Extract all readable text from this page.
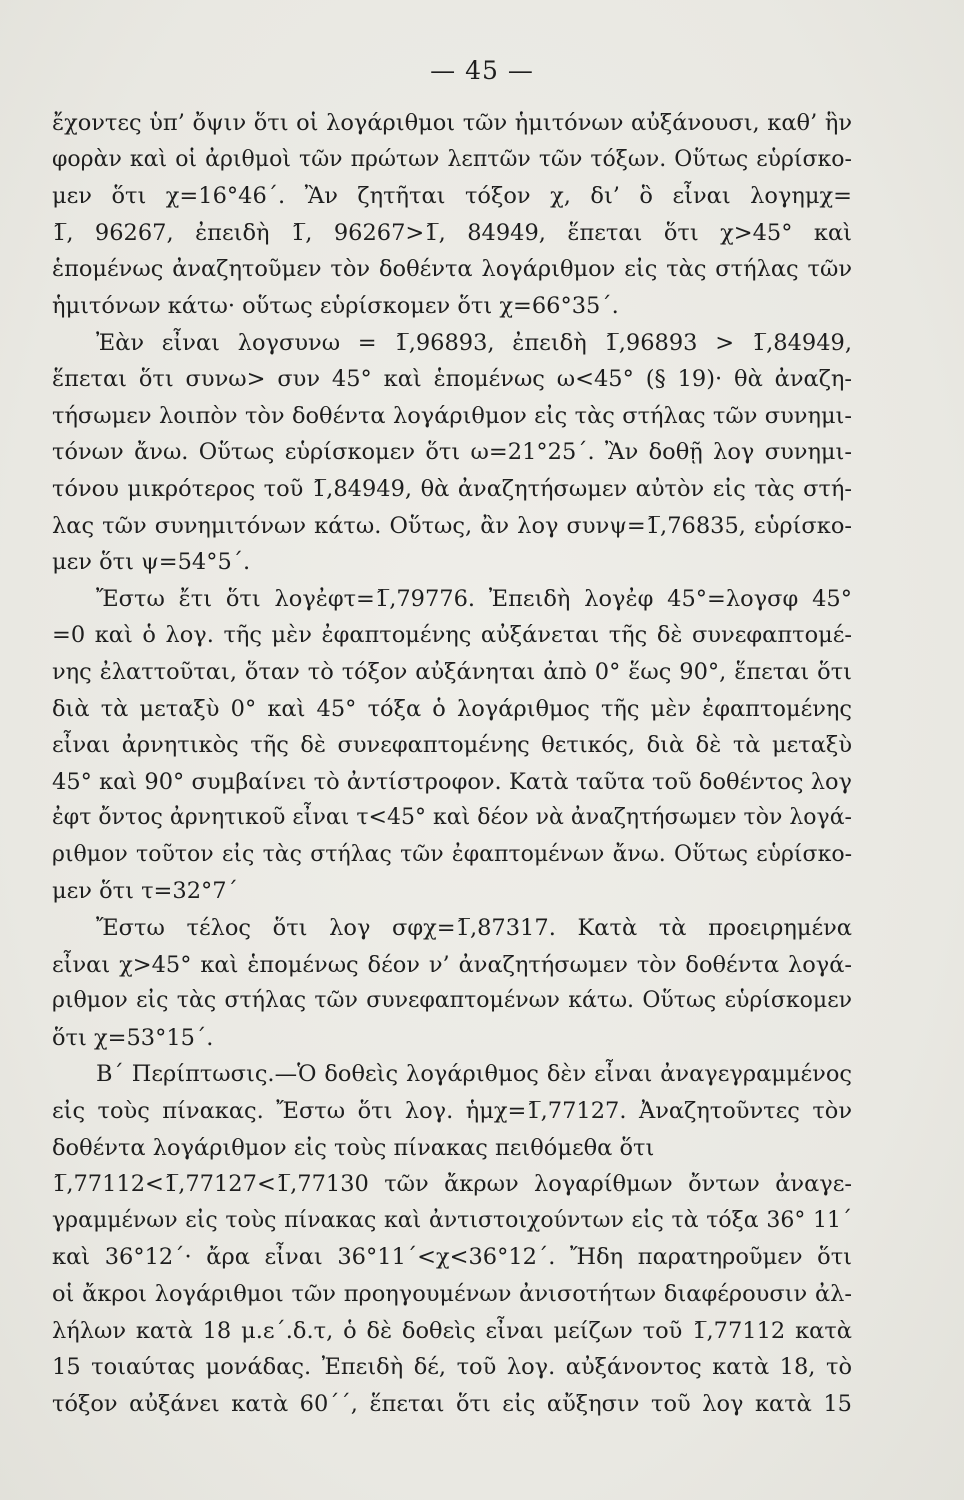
— 45 —
ἔχοντες ὑπ’ ὄψιν ὅτι οἱ λογάριθμοι τῶν ἡμιτόνων αὐξάνουσι, καθ’ ἣν
φορὰν καὶ οἱ ἀριθμοὶ τῶν πρώτων λεπτῶν τῶν τόξων. Οὕτως εὑρίσκο-
μεν ὅτι χ=16°46΄. Ἂν ζητῆται τόξον χ, δι’ ὃ εἶναι λογημχ=
1̅, 96267, ἐπειδὴ 1̅, 96267>1̅, 84949, ἕπεται ὅτι χ>45° καὶ
ἑπομένως ἀναζητοῦμεν τὸν δοθέντα λογάριθμον εἰς τὰς στήλας τῶν
ἡμιτόνων κάτω· οὕτως εὑρίσκομεν ὅτι χ=66°35΄.
Ἐὰν εἶναι λογσυνω = 1̅,96893, ἐπειδὴ 1̅,96893 > 1̅,84949,
ἕπεται ὅτι συνω> συν 45° καὶ ἑπομένως ω<45° (§ 19)· θὰ ἀναζη-
τήσωμεν λοιπὸν τὸν δοθέντα λογάριθμον εἰς τὰς στήλας τῶν συνημι-
τόνων ἄνω. Οὕτως εὑρίσκομεν ὅτι ω=21°25΄. Ἂν δοθῇ λογ συνημι-
τόνου μικρότερος τοῦ 1̅,84949, θὰ ἀναζητήσωμεν αὐτὸν εἰς τὰς στή-
λας τῶν συνημιτόνων κάτω. Οὕτως, ἂν λογ συνψ=1̅,76835, εὑρίσκο-
μεν ὅτι ψ=54°5΄.
Ἔστω ἔτι ὅτι λογἐφτ=1̅,79776. Ἐπειδὴ λογἐφ 45°=λογσφ 45°
=0 καὶ ὁ λογ. τῆς μὲν ἐφαπτομένης αὐξάνεται τῆς δὲ συνεφαπτομέ-
νης ἐλαττοῦται, ὅταν τὸ τόξον αὐξάνηται ἀπὸ 0° ἕως 90°, ἕπεται ὅτι
διὰ τὰ μεταξὺ 0° καὶ 45° τόξα ὁ λογάριθμος τῆς μὲν ἐφαπτομένης
εἶναι ἀρνητικὸς τῆς δὲ συνεφαπτομένης θετικός, διὰ δὲ τὰ μεταξὺ
45° καὶ 90° συμβαίνει τὸ ἀντίστροφον. Κατὰ ταῦτα τοῦ δοθέντος λογ
ἐφτ ὄντος ἀρνητικοῦ εἶναι τ<45° καὶ δέον νὰ ἀναζητήσωμεν τὸν λογά-
ριθμον τοῦτον εἰς τὰς στήλας τῶν ἐφαπτομένων ἄνω. Οὕτως εὑρίσκο-
μεν ὅτι τ=32°7΄
Ἔστω τέλος ὅτι λογ σφχ=1̅,87317. Κατὰ τὰ προειρημένα
εἶναι χ>45° καὶ ἑπομένως δέον ν’ ἀναζητήσωμεν τὸν δοθέντα λογά-
ριθμον εἰς τὰς στήλας τῶν συνεφαπτομένων κάτω. Οὕτως εὑρίσκομεν
ὅτι χ=53°15΄.
Β΄ Περίπτωσις.—Ὁ δοθεὶς λογάριθμος δὲν εἶναι ἀναγεγραμμένος
εἰς τοὺς πίνακας. Ἔστω ὅτι λογ. ἡμχ=1̅,77127. Ἀναζητοῦντες τὸν
δοθέντα λογάριθμον εἰς τοὺς πίνακας πειθόμεθα ὅτι
1̅,77112<1̅,77127<1̅,77130 τῶν ἄκρων λογαρίθμων ὄντων ἀναγε-
γραμμένων εἰς τοὺς πίνακας καὶ ἀντιστοιχούντων εἰς τὰ τόξα 36° 11΄
καὶ 36°12΄· ἄρα εἶναι 36°11΄<χ<36°12΄. Ἤδη παρατηροῦμεν ὅτι
οἱ ἄκροι λογάριθμοι τῶν προηγουμένων ἀνισοτήτων διαφέρουσιν ἀλ-
λήλων κατὰ 18 μ.ε΄.δ.τ, ὁ δὲ δοθεὶς εἶναι μείζων τοῦ 1̅,77112 κατὰ
15 τοιαύτας μονάδας. Ἐπειδὴ δέ, τοῦ λογ. αὐξάνοντος κατὰ 18, τὸ
τόξον αὐξάνει κατὰ 60΄΄, ἕπεται ὅτι εἰς αὔξησιν τοῦ λογ κατὰ 15
